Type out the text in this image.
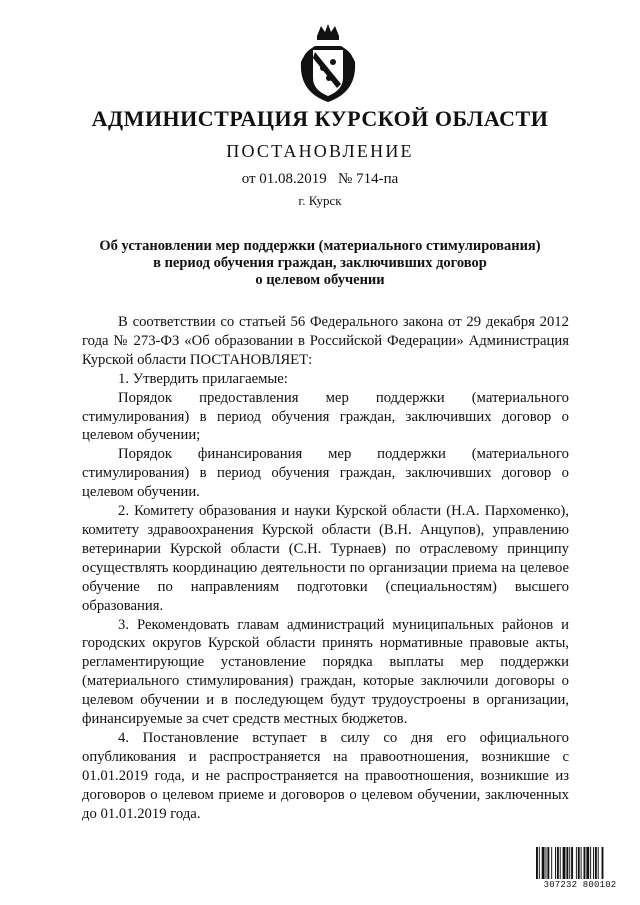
АДМИНИСТРАЦИЯ КУРСКОЙ ОБЛАСТИ
ПОСТАНОВЛЕНИЕ
от 01.08.2019   № 714-па
г. Курск
Об установлении мер поддержки (материального стимулирования)
в период обучения граждан, заключивших договор
о целевом обучении

В соответствии со статьей 56 Федерального закона от 29 декабря 2012 года № 273-ФЗ «Об образовании в Российской Федерации» Администрация Курской области ПОСТАНОВЛЯЕТ:

1. Утвердить прилагаемые:

Порядок предоставления мер поддержки (материального стимулирования) в период обучения граждан, заключивших договор о целевом обучении;

Порядок финансирования мер поддержки (материального стимулирования) в период обучения граждан, заключивших договор о целевом обучении.

2. Комитету образования и науки Курской области (Н.А. Пархоменко), комитету здравоохранения Курской области (В.Н. Анцупов), управлению ветеринарии Курской области (С.Н. Турнаев) по отраслевому принципу осуществлять координацию деятельности по организации приема на целевое обучение по направлениям подготовки (специальностям) высшего образования.

3. Рекомендовать главам администраций муниципальных районов и городских округов Курской области принять нормативные правовые акты, регламентирующие установление порядка выплаты мер поддержки (материального стимулирования) граждан, которые заключили договоры о целевом обучении и в последующем будут трудоустроены в организации, финансируемые за счет средств местных бюджетов.

4. Постановление вступает в силу со дня его официального опубликования и распространяется на правоотношения, возникшие с 01.01.2019 года, и не распространяется на правоотношения, возникшие из договоров о целевом приеме и договоров о целевом обучении, заключенных до 01.01.2019 года.

307232 800102
